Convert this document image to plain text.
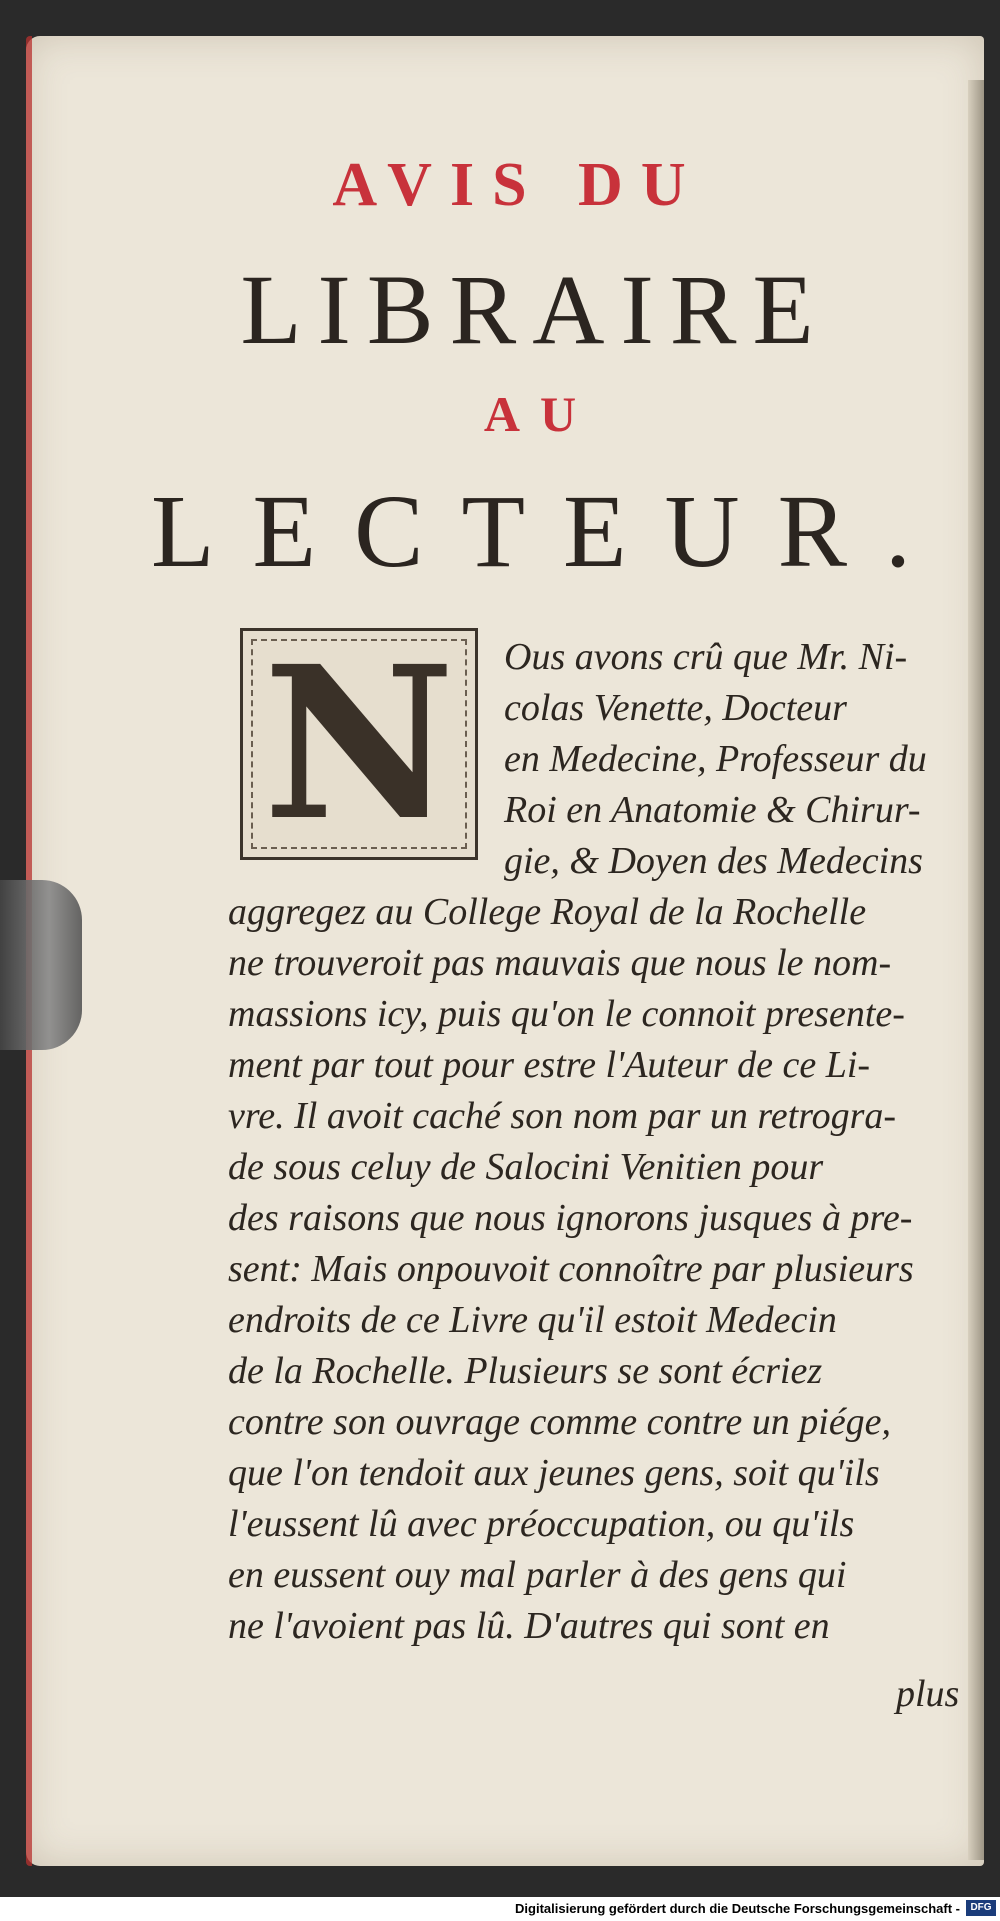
AVIS DU
LIBRAIRE
AU
LECTEUR.
N Ous avons crû que Mr. Ni-
colas Venette, Docteur
en Medecine, Professeur du
Roi en Anatomie & Chirur-
gie, & Doyen des Medecins
aggregez au College Royal de la Rochelle
ne trouveroit pas mauvais que nous le nom-
massions icy, puis qu'on le connoit presente-
ment par tout pour estre l'Auteur de ce Li-
vre. Il avoit caché son nom par un retrogra-
de sous celuy de Salocini Venitien pour
des raisons que nous ignorons jusques à pre-
sent: Mais onpouvoit connoître par plusieurs
endroits de ce Livre qu'il estoit Medecin
de la Rochelle. Plusieurs se sont écriez
contre son ouvrage comme contre un piége,
que l'on tendoit aux jeunes gens, soit qu'ils
l'eussent lû avec préoccupation, ou qu'ils
en eussent ouy mal parler à des gens qui
ne l'avoient pas lû. D'autres qui sont en
plus
Digitalisierung gefördert durch die Deutsche Forschungsgemeinschaft -	DFG
